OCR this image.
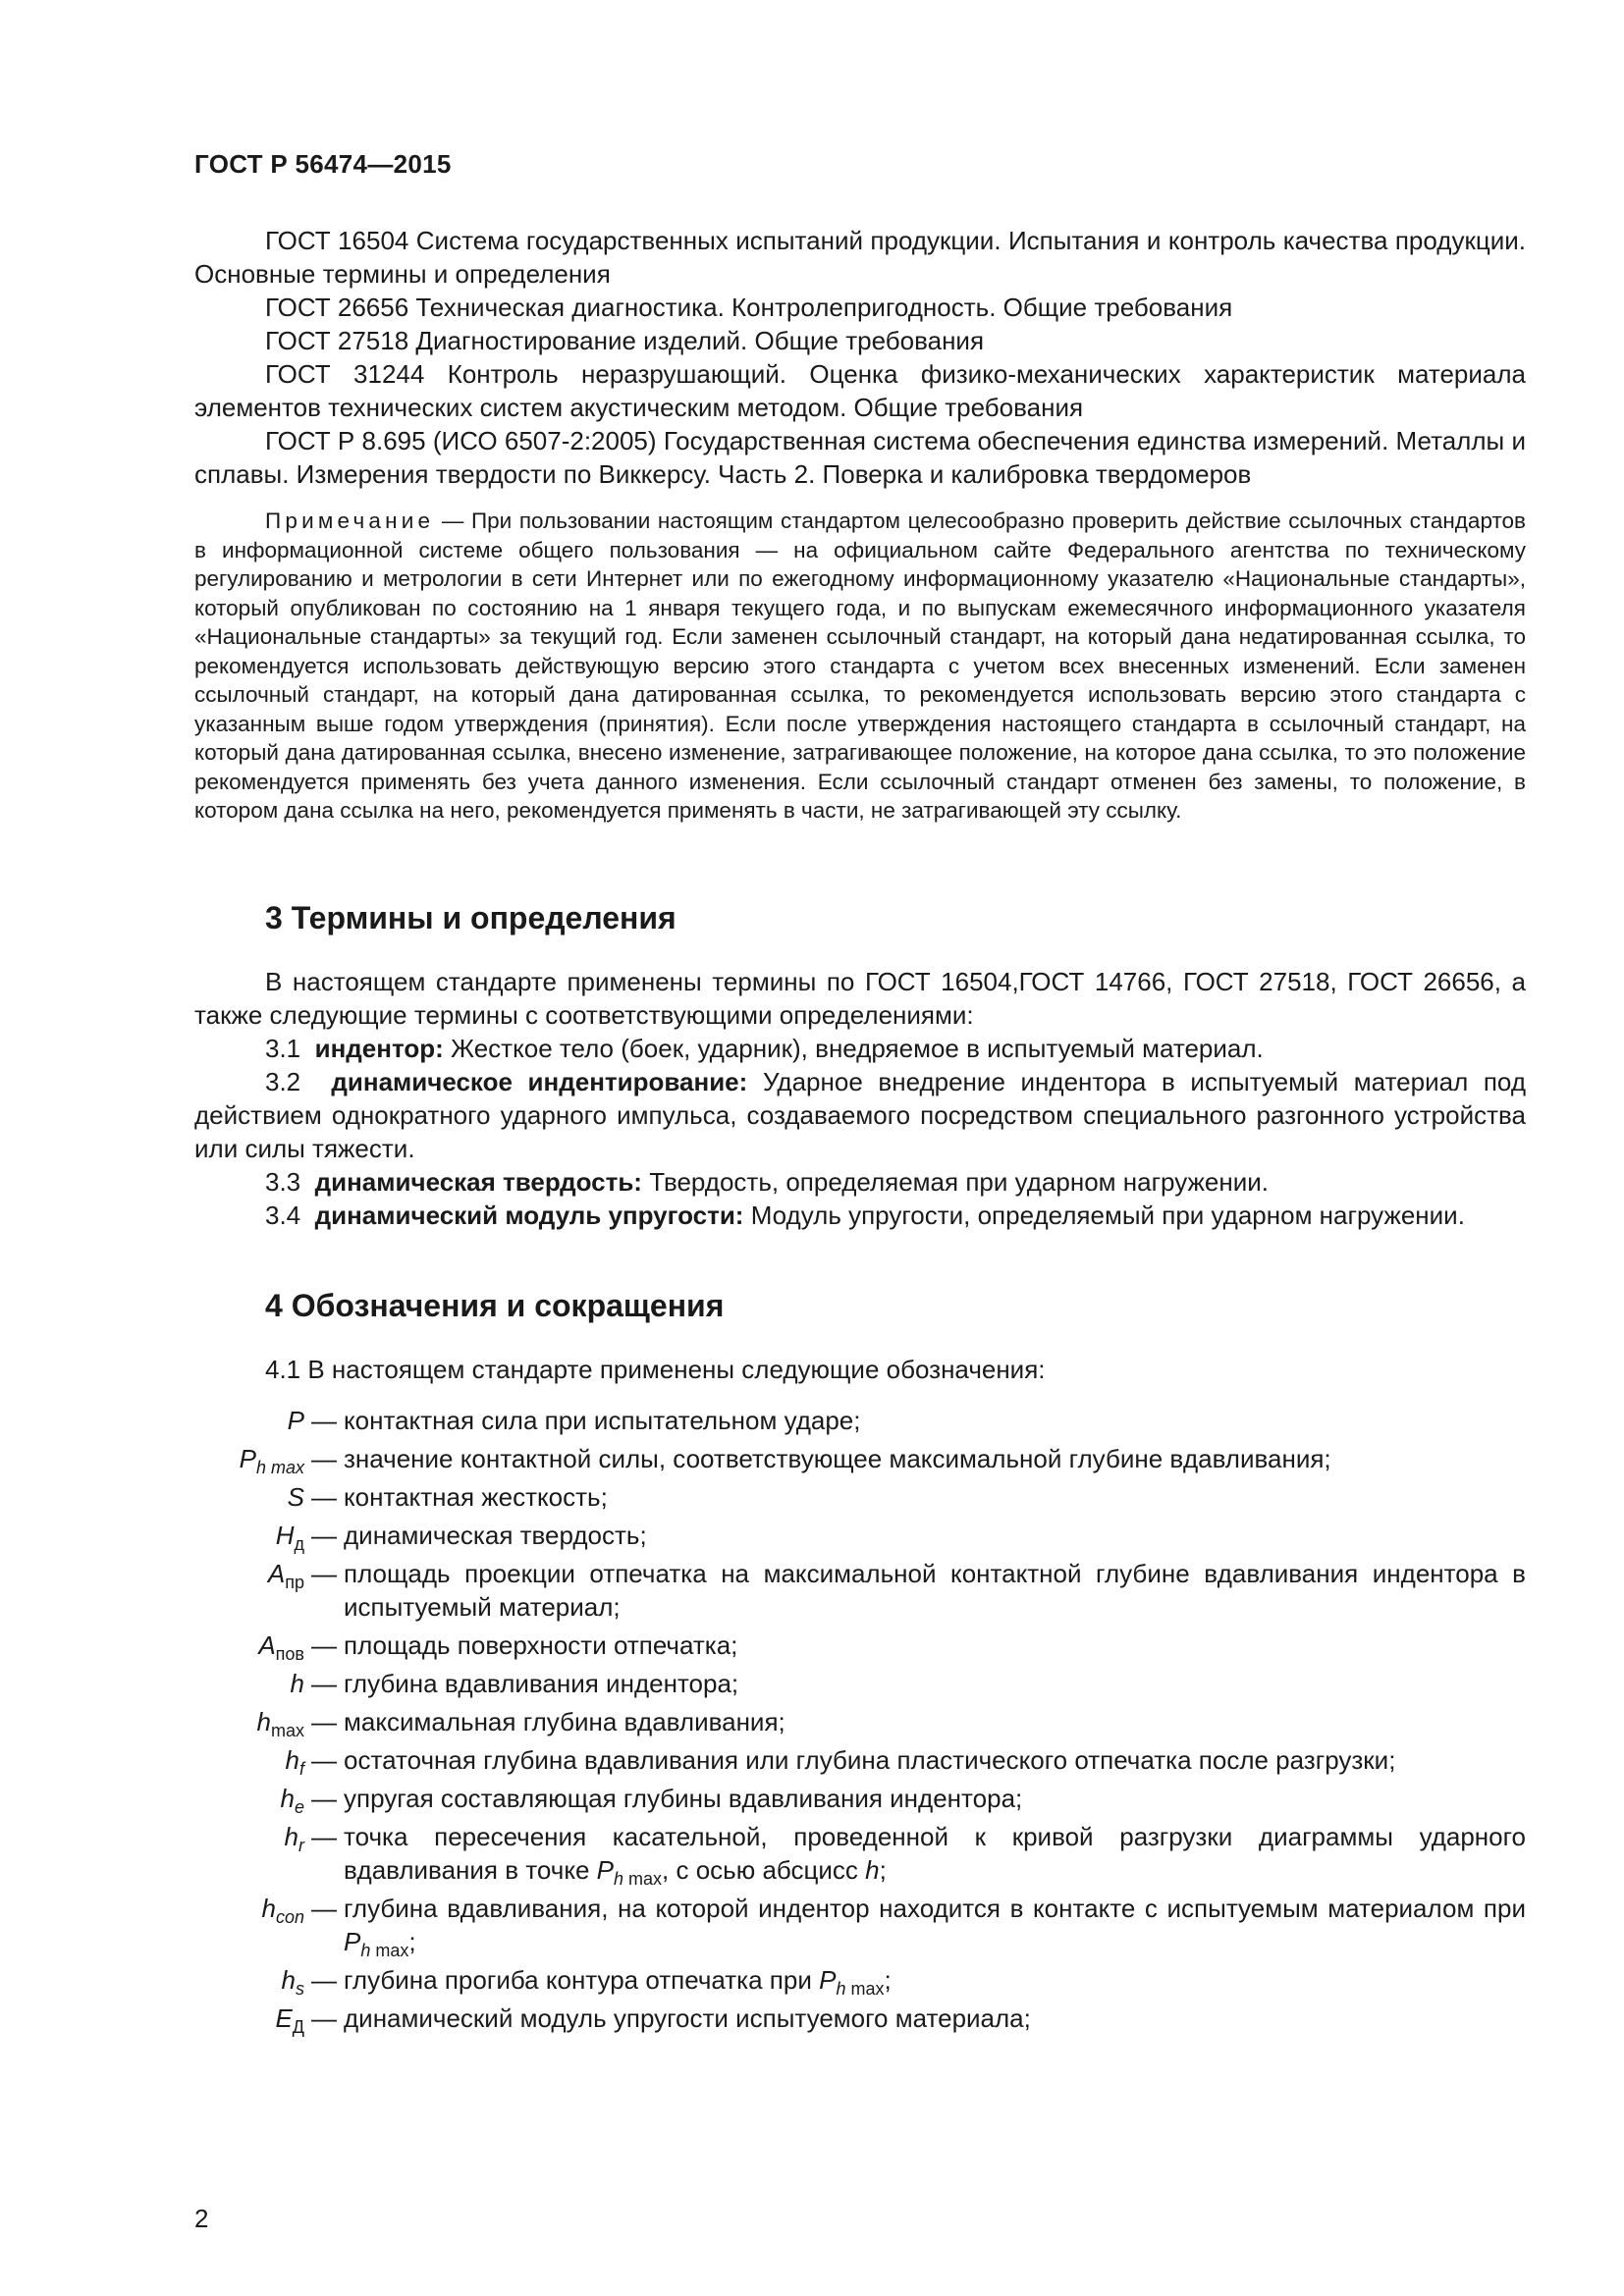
ГОСТ Р 56474—2015

ГОСТ 16504 Система государственных испытаний продукции. Испытания и контроль качества продукции. Основные термины и определения

ГОСТ 26656 Техническая диагностика. Контролепригодность. Общие требования

ГОСТ 27518 Диагностирование изделий. Общие требования

ГОСТ 31244 Контроль неразрушающий. Оценка физико-механических характеристик материала элементов технических систем акустическим методом. Общие требования

ГОСТ Р 8.695 (ИСО 6507-2:2005) Государственная система обеспечения единства измерений. Металлы и сплавы. Измерения твердости по Виккерсу. Часть 2. Поверка и калибровка твердомеров

Примечание — При пользовании настоящим стандартом целесообразно проверить действие ссылочных стандартов в информационной системе общего пользования — на официальном сайте Федерального агентства по техническому регулированию и метрологии в сети Интернет или по ежегодному информационному указателю «Национальные стандарты», который опубликован по состоянию на 1 января текущего года, и по выпускам ежемесячного информационного указателя «Национальные стандарты» за текущий год. Если заменен ссылочный стандарт, на который дана недатированная ссылка, то рекомендуется использовать действующую версию этого стандарта с учетом всех внесенных изменений. Если заменен ссылочный стандарт, на который дана датированная ссылка, то рекомендуется использовать версию этого стандарта с указанным выше годом утверждения (принятия). Если после утверждения настоящего стандарта в ссылочный стандарт, на который дана датированная ссылка, внесено изменение, затрагивающее положение, на которое дана ссылка, то это положение рекомендуется применять без учета данного изменения. Если ссылочный стандарт отменен без замены, то положение, в котором дана ссылка на него, рекомендуется применять в части, не затрагивающей эту ссылку.

3 Термины и определения

В настоящем стандарте применены термины по ГОСТ 16504,ГОСТ 14766, ГОСТ 27518, ГОСТ 26656, а также следующие термины с соответствующими определениями:

3.1 индентор: Жесткое тело (боек, ударник), внедряемое в испытуемый материал.

3.2 динамическое индентирование: Ударное внедрение индентора в испытуемый материал под действием однократного ударного импульса, создаваемого посредством специального разгонного устройства или силы тяжести.

3.3 динамическая твердость: Твердость, определяемая при ударном нагружении.

3.4 динамический модуль упругости: Модуль упругости, определяемый при ударном нагружении.

4 Обозначения и сокращения

4.1 В настоящем стандарте применены следующие обозначения:

P — контактная сила при испытательном ударе;
$P_{h max}$ — значение контактной силы, соответствующее максимальной глубине вдавливания;
S — контактная жесткость;
$H_д$ — динамическая твердость;
$A_{пр}$ — площадь проекции отпечатка на максимальной контактной глубине вдавливания индентора в испытуемый материал;
$A_{пов}$ — площадь поверхности отпечатка;
h — глубина вдавливания индентора;
$h_{max}$ — максимальная глубина вдавливания;
$h_f$ — остаточная глубина вдавливания или глубина пластического отпечатка после разгрузки;
$h_e$ — упругая составляющая глубины вдавливания индентора;
$h_r$ — точка пересечения касательной, проведенной к кривой разгрузки диаграммы ударного вдавливания в точке $P_{h max}$, с осью абсцисс h;
$h_{con}$ — глубина вдавливания, на которой индентор находится в контакте с испытуемым материалом при $P_{h max}$;
$h_s$ — глубина прогиба контура отпечатка при $P_{h max}$;
$E_Д$ — динамический модуль упругости испытуемого материала;
2
